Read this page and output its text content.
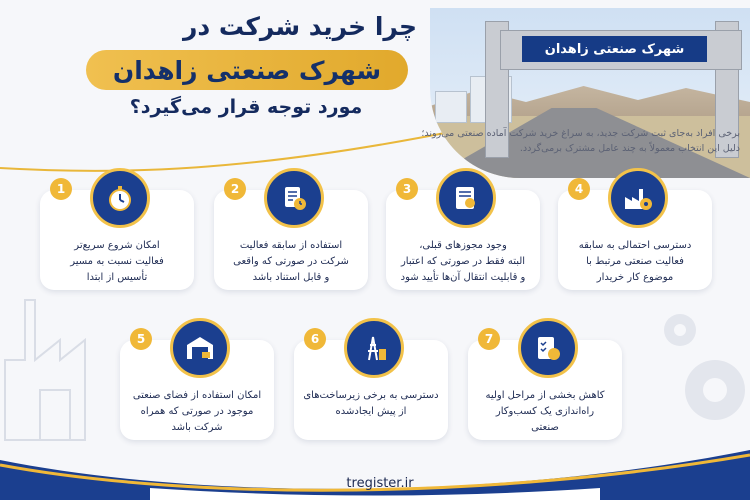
شهرک صنعتی زاهدان
چرا خرید شرکت در
شهرک صنعتی زاهدان
مورد توجه قرار می‌گیرد؟
برخی افراد به‌جای ثبت شرکت جدید، به سراغ خرید شرکت آماده صنعتی می‌روند؛
دلیل این انتخاب معمولاً به چند عامل مشترک برمی‌گردد.
1
امکان شروع سریع‌تر
فعالیت نسبت به مسیر
تأسیس از ابتدا
2
استفاده از سابقه فعالیت
شرکت در صورتی که واقعی
و قابل استناد باشد
3
وجود مجوزهای قبلی،
البته فقط در صورتی که اعتبار
و قابلیت انتقال آن‌ها تأیید شود
4
دسترسی احتمالی به سابقه
فعالیت صنعتی مرتبط با
موضوع کار خریدار
5
امکان استفاده از فضای صنعتی
موجود در صورتی که همراه
شرکت باشد
6
دسترسی به برخی زیرساخت‌های
از پیش ایجادشده
7
کاهش بخشی از مراحل اولیه
راه‌اندازی یک کسب‌وکار
صنعتی
tregister.ir
